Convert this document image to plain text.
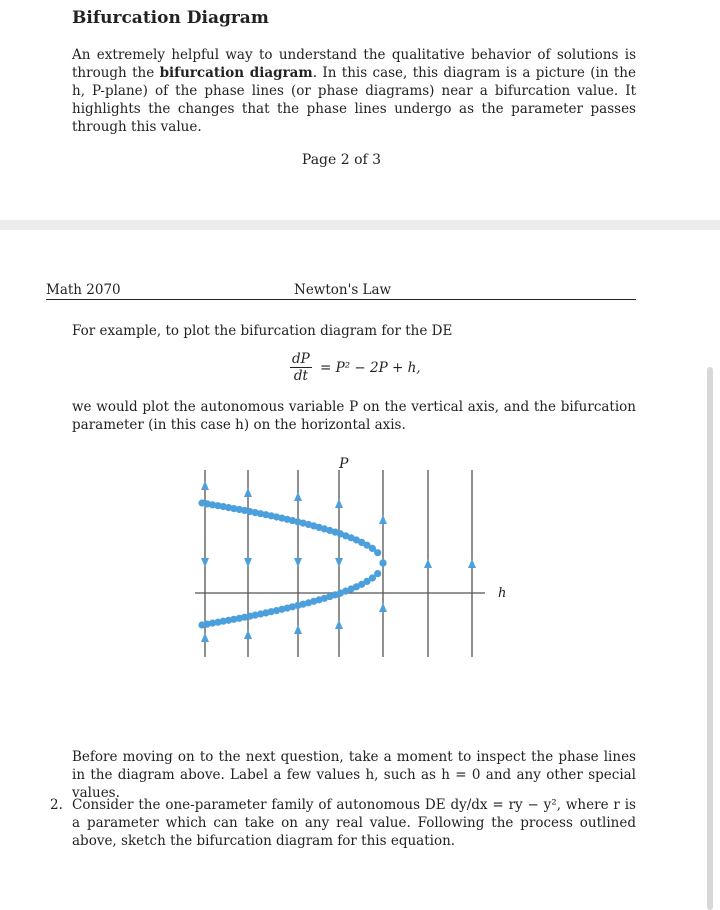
Bifurcation Diagram
An extremely helpful way to understand the qualitative behavior of solutions is through the bifurcation diagram. In this case, this diagram is a picture (in the h, P-plane) of the phase lines (or phase diagrams) near a bifurcation value. It highlights the changes that the phase lines undergo as the parameter passes through this value.
Page 2 of 3
Math 2070	Newton's Law
For example, to plot the bifurcation diagram for the DE
$\frac{dP}{dt} = P^2 - 2P + h$,
we would plot the autonomous variable P on the vertical axis, and the bifurcation parameter (in this case h) on the horizontal axis.
P
h
Before moving on to the next question, take a moment to inspect the phase lines in the diagram above. Label a few values h, such as h = 0 and any other special values.
2. Consider the one-parameter family of autonomous DE dy/dx = ry − y², where r is a parameter which can take on any real value. Following the process outlined above, sketch the bifurcation diagram for this equation.
